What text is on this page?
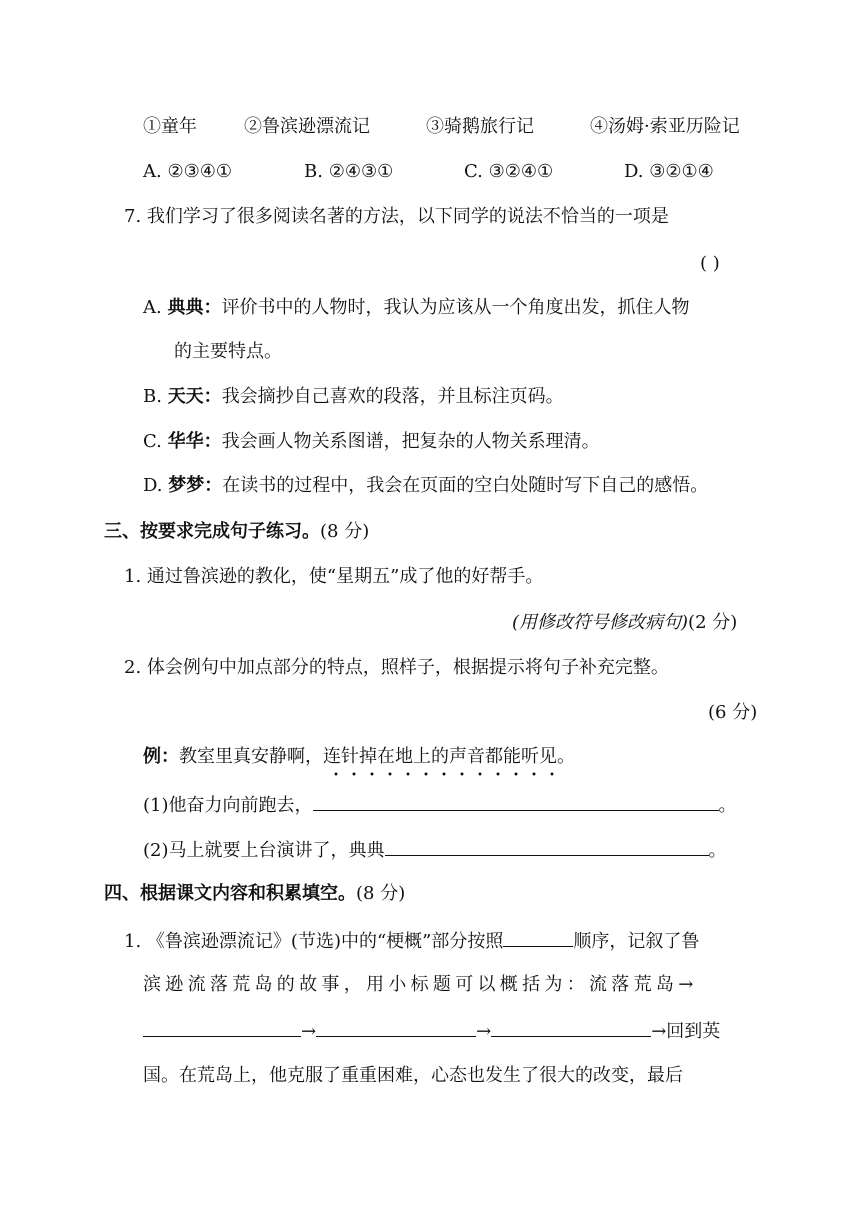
①童年	②鲁滨逊漂流记	③骑鹅旅行记	④汤姆·索亚历险记
A. ②③④①	B. ②④③①	C. ③②④①	D. ③②①④
7. 我们学习了很多阅读名著的方法，以下同学的说法不恰当的一项是
( )
A. 典典：评价书中的人物时，我认为应该从一个角度出发，抓住人物
的主要特点。
B. 天天：我会摘抄自己喜欢的段落，并且标注页码。
C. 华华：我会画人物关系图谱，把复杂的人物关系理清。
D. 梦梦：在读书的过程中，我会在页面的空白处随时写下自己的感悟。
三、按要求完成句子练习。(8 分)
1. 通过鲁滨逊的教化，使“星期五”成了他的好帮手。
(用修改符号修改病句)(2 分)
2. 体会例句中加点部分的特点，照样子，根据提示将句子补充完整。
(6 分)
例：教室里真安静啊，连针掉在地上的声音都能听见
。
(1)他奋力向前跑去，	。
(2)马上就要上台演讲了，典典	。
四、根据课文内容和积累填空。(8 分)
1. 《鲁滨逊漂流记》(节选)中的“梗概”部分按照	顺序，记叙了鲁
滨逊流落荒岛的故事，用小标题可以概括为：流落荒岛→
→	→	→回到英
国。在荒岛上，他克服了重重困难，心态也发生了很大的改变，最后
